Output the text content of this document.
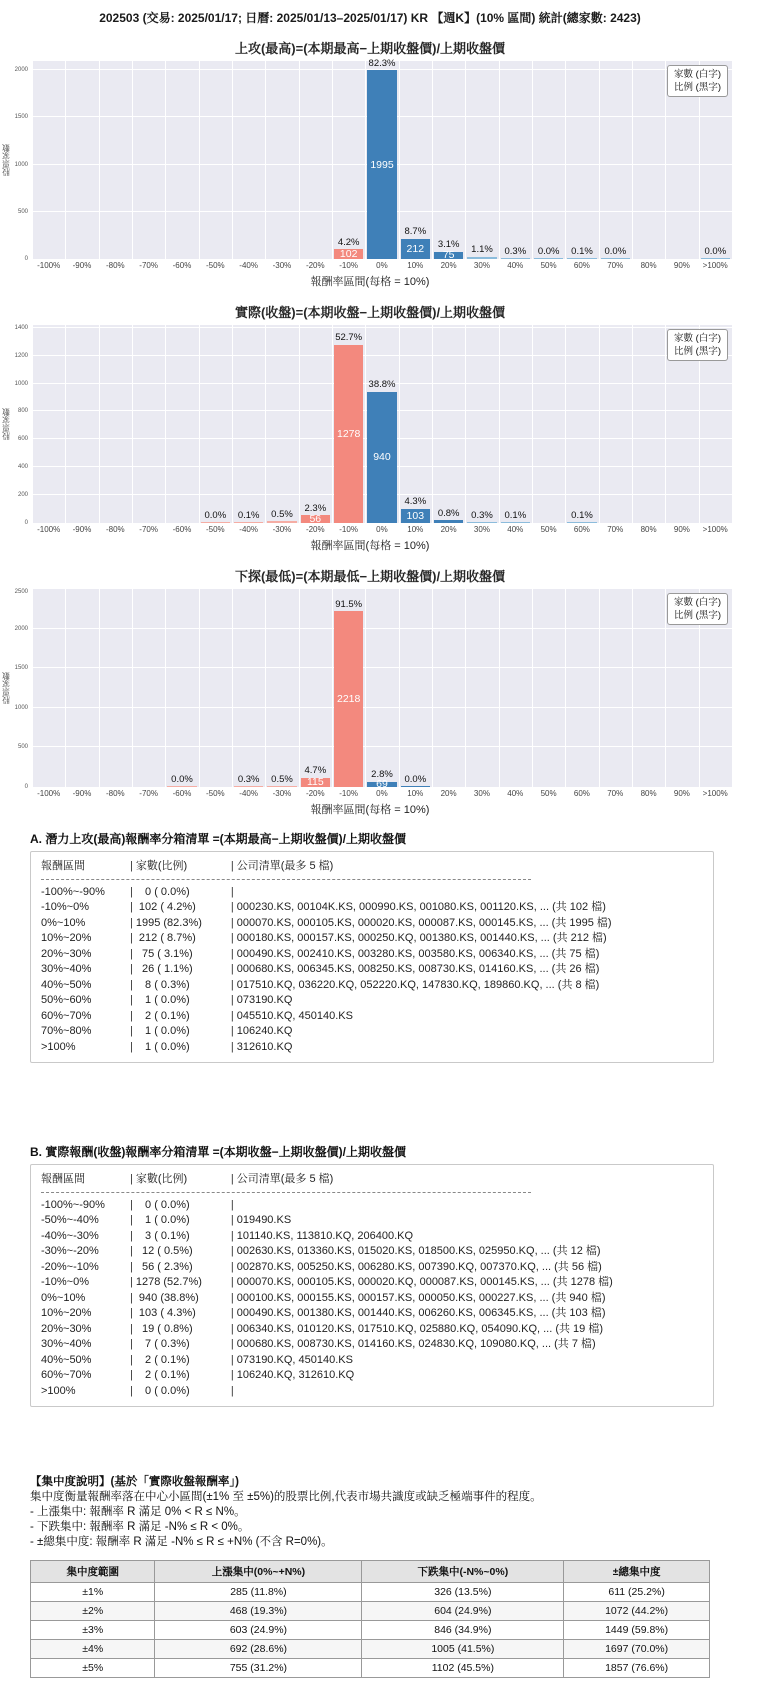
202503 (交易: 2025/01/17; 日曆: 2025/01/13–2025/01/17) KR 【週K】(10% 區間) 統計(總家數: 2423)
上攻(最高)=(本期最高−上期收盤價)/上期收盤價
股票家數
家數 (白字)
比例 (黑字)
0
500
1000
1500
2000
102
4.2%
1995
82.3%
212
8.7%
75
3.1%	1.1%	0.3%	0.0%	0.1%	0.0%	0.0%
-100%	-90%	-80%	-70%	-60%	-50%	-40%	-30%	-20%	-10%	0%	10%	20%	30%	40%	50%	60%	70%	80%	90%	>100%
報酬率區間(每格 = 10%)
實際(收盤)=(本期收盤−上期收盤價)/上期收盤價
股票家數
家數 (白字)
比例 (黑字)
0
200
400
600
800
1000
1200
1400
0.0%	0.1%	0.5%	56
2.3%
1278
52.7%
940
38.8%
103
4.3%
0.8%	0.3%	0.1%	0.1%
-100%	-90%	-80%	-70%	-60%	-50%	-40%	-30%	-20%	-10%	0%	10%	20%	30%	40%	50%	60%	70%	80%	90%	>100%
報酬率區間(每格 = 10%)
下探(最低)=(本期最低−上期收盤價)/上期收盤價
股票家數
家數 (白字)
比例 (黑字)
0
500
1000
1500
2000
2500
0.0%	0.3%	0.5%	115
4.7%
2218
91.5%
69
2.8%	0.0%
-100%	-90%	-80%	-70%	-60%	-50%	-40%	-30%	-20%	-10%	0%	10%	20%	30%	40%	50%	60%	70%	80%	90%	>100%
報酬率區間(每格 = 10%)
A. 潛力上攻(最高)報酬率分箱清單 =(本期最高−上期收盤價)/上期收盤價
報酬區間	| 家數(比例)	| 公司清單(最多 5 檔)
-100%~-90%	| 0 ( 0.0%)	|
-10%~0%	| 102 ( 4.2%)	| 000230.KS, 00104K.KS, 000990.KS, 001080.KS, 001120.KS, ... (共 102 檔)
0%~10%	| 1995 (82.3%)	| 000070.KS, 000105.KS, 000020.KS, 000087.KS, 000145.KS, ... (共 1995 檔)
10%~20%	| 212 ( 8.7%)	| 000180.KS, 000157.KS, 000250.KQ, 001380.KS, 001440.KS, ... (共 212 檔)
20%~30%	| 75 ( 3.1%)	| 000490.KS, 002410.KS, 003280.KS, 003580.KS, 006340.KS, ... (共 75 檔)
30%~40%	| 26 ( 1.1%)	| 000680.KS, 006345.KS, 008250.KS, 008730.KS, 014160.KS, ... (共 26 檔)
40%~50%	| 8 ( 0.3%)	| 017510.KQ, 036220.KQ, 052220.KQ, 147830.KQ, 189860.KQ, ... (共 8 檔)
50%~60%	| 1 ( 0.0%)	| 073190.KQ
60%~70%	| 2 ( 0.1%)	| 045510.KQ, 450140.KS
70%~80%	| 1 ( 0.0%)	| 106240.KQ
>100%	| 1 ( 0.0%)	| 312610.KQ
B. 實際報酬(收盤)報酬率分箱清單 =(本期收盤−上期收盤價)/上期收盤價
報酬區間	| 家數(比例)	| 公司清單(最多 5 檔)
-100%~-90%	| 0 ( 0.0%)	|
-50%~-40%	| 1 ( 0.0%)	| 019490.KS
-40%~-30%	| 3 ( 0.1%)	| 101140.KS, 113810.KQ, 206400.KQ
-30%~-20%	| 12 ( 0.5%)	| 002630.KS, 013360.KS, 015020.KS, 018500.KS, 025950.KQ, ... (共 12 檔)
-20%~-10%	| 56 ( 2.3%)	| 002870.KS, 005250.KS, 006280.KS, 007390.KQ, 007370.KQ, ... (共 56 檔)
-10%~0%	| 1278 (52.7%)	| 000070.KS, 000105.KS, 000020.KQ, 000087.KS, 000145.KS, ... (共 1278 檔)
0%~10%	| 940 (38.8%)	| 000100.KS, 000155.KS, 000157.KS, 000050.KS, 000227.KS, ... (共 940 檔)
10%~20%	| 103 ( 4.3%)	| 000490.KS, 001380.KS, 001440.KS, 006260.KS, 006345.KS, ... (共 103 檔)
20%~30%	| 19 ( 0.8%)	| 006340.KS, 010120.KS, 017510.KQ, 025880.KQ, 054090.KQ, ... (共 19 檔)
30%~40%	| 7 ( 0.3%)	| 000680.KS, 008730.KS, 014160.KS, 024830.KQ, 109080.KQ, ... (共 7 檔)
40%~50%	| 2 ( 0.1%)	| 073190.KQ, 450140.KS
60%~70%	| 2 ( 0.1%)	| 106240.KQ, 312610.KQ
>100%	| 0 ( 0.0%)	|
【集中度說明】(基於「實際收盤報酬率」)
集中度衡量報酬率落在中心小區間(±1% 至 ±5%)的股票比例,代表市場共識度或缺乏極端事件的程度。
- 上漲集中: 報酬率 R 滿足 0% < R ≤ N%。
- 下跌集中: 報酬率 R 滿足 -N% ≤ R < 0%。
- ±總集中度: 報酬率 R 滿足 -N% ≤ R ≤ +N% (不含 R=0%)。
集中度範圍	上漲集中(0%~+N%)	下跌集中(-N%~0%)	±總集中度
±1%	285 (11.8%)	326 (13.5%)	611 (25.2%)
±2%	468 (19.3%)	604 (24.9%)	1072 (44.2%)
±3%	603 (24.9%)	846 (34.9%)	1449 (59.8%)
±4%	692 (28.6%)	1005 (41.5%)	1697 (70.0%)
±5%	755 (31.2%)	1102 (45.5%)	1857 (76.6%)
